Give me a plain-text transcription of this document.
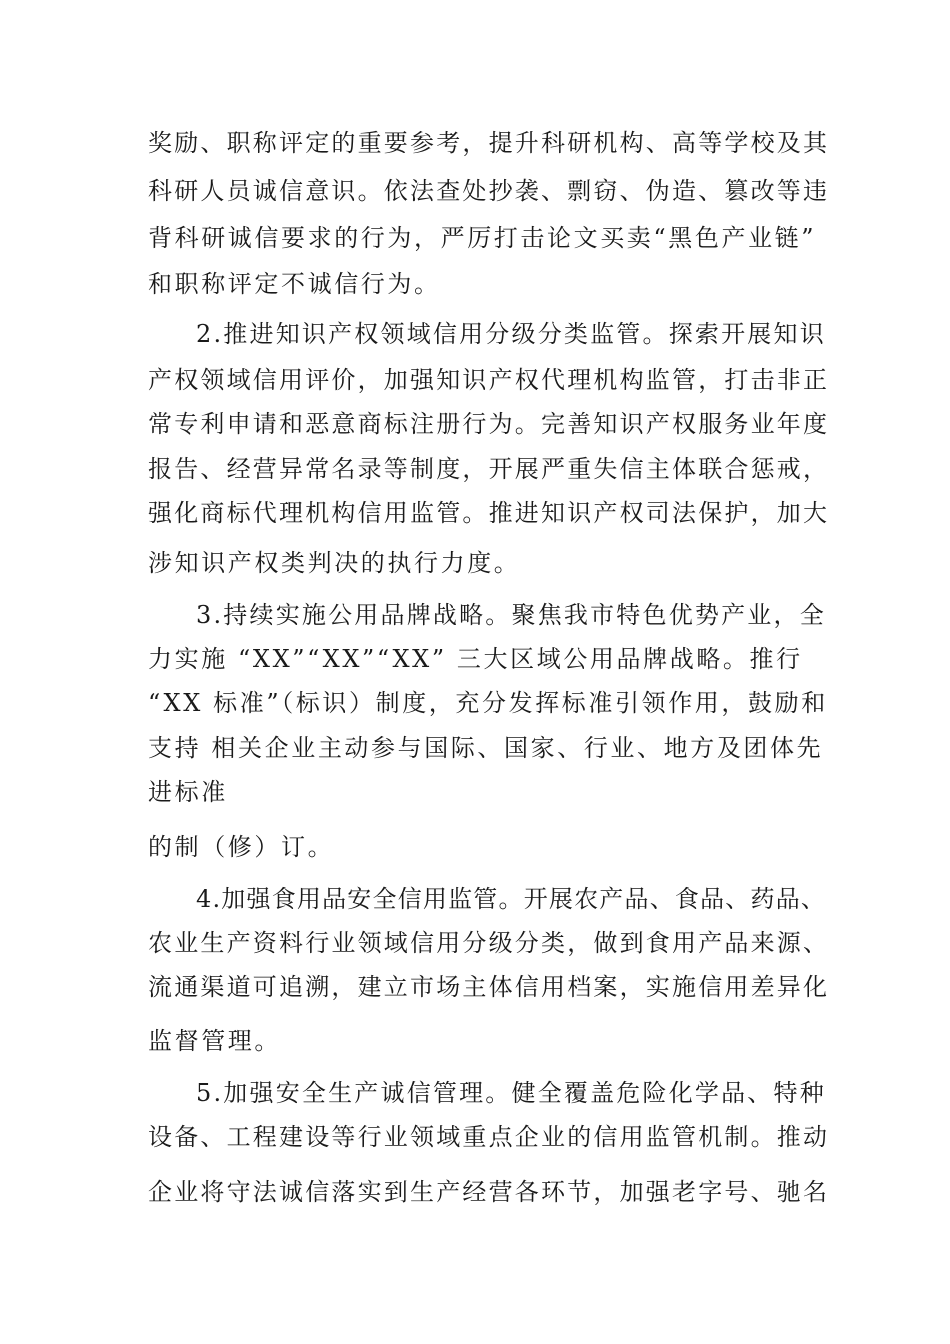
奖励、职称评定的重要参考，提升科研机构、高等学校及其
科研人员诚信意识。依法查处抄袭、剽窃、伪造、篡改等违
背科研诚信要求的行为，严厉打击论文买卖“黑色产业链”
和职称评定不诚信行为。
2.推进知识产权领域信用分级分类监管。探索开展知识
产权领域信用评价，加强知识产权代理机构监管，打击非正
常专利申请和恶意商标注册行为。完善知识产权服务业年度
报告、经营异常名录等制度，开展严重失信主体联合惩戒，
强化商标代理机构信用监管。推进知识产权司法保护，加大
涉知识产权类判决的执行力度。
3.持续实施公用品牌战略。聚焦我市特色优势产业，全
力实施 “XX”“XX”“XX” 三大区域公用品牌战略。推行
“XX 标准”（标识）制度，充分发挥标准引领作用，鼓励和
支持 相关企业主动参与国际、国家、行业、地方及团体先
进标准
的制（修）订。
4.加强食用品安全信用监管。开展农产品、食品、药品、
农业生产资料行业领域信用分级分类，做到食用产品来源、
流通渠道可追溯，建立市场主体信用档案，实施信用差异化
监督管理。
5.加强安全生产诚信管理。健全覆盖危险化学品、特种
设备、工程建设等行业领域重点企业的信用监管机制。推动
企业将守法诚信落实到生产经营各环节，加强老字号、驰名
